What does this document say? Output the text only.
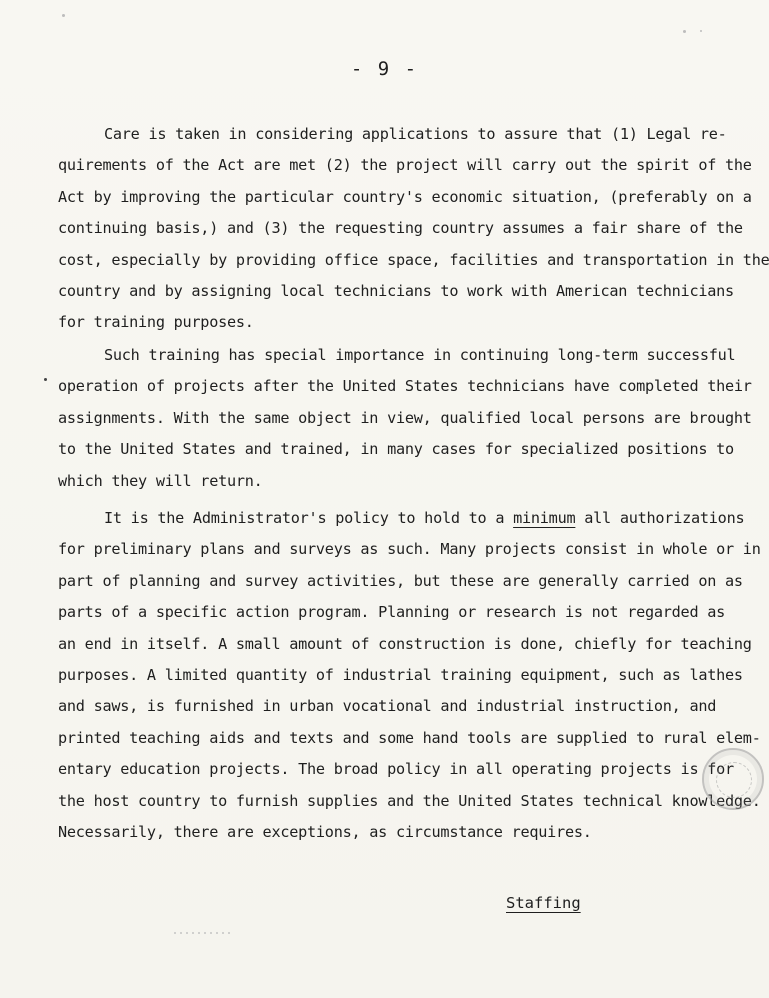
- 9 -
Care is taken in considering applications to assure that (1) Legal re-
quirements of the Act are met (2) the project will carry out the spirit of the
Act by improving the particular country's economic situation, (preferably on a
continuing basis,) and (3) the requesting country assumes a fair share of the
cost, especially by providing office space, facilities and transportation in the
country and by assigning local technicians to work with American technicians
for training purposes.
Such training has special importance in continuing long-term successful
operation of projects after the United States technicians have completed their
assignments. With the same object in view, qualified local persons are brought
to the United States and trained, in many cases for specialized positions to
which they will return.
It is the Administrator's policy to hold to a minimum all authorizations
for preliminary plans and surveys as such. Many projects consist in whole or in
part of planning and survey activities, but these are generally carried on as
parts of a specific action program. Planning or research is not regarded as
an end in itself. A small amount of construction is done, chiefly for teaching
purposes. A limited quantity of industrial training equipment, such as lathes
and saws, is furnished in urban vocational and industrial instruction, and
printed teaching aids and texts and some hand tools are supplied to rural elem-
entary education projects. The broad policy in all operating projects is for
the host country to furnish supplies and the United States technical knowledge.
Necessarily, there are exceptions, as circumstance requires.
Staffing
